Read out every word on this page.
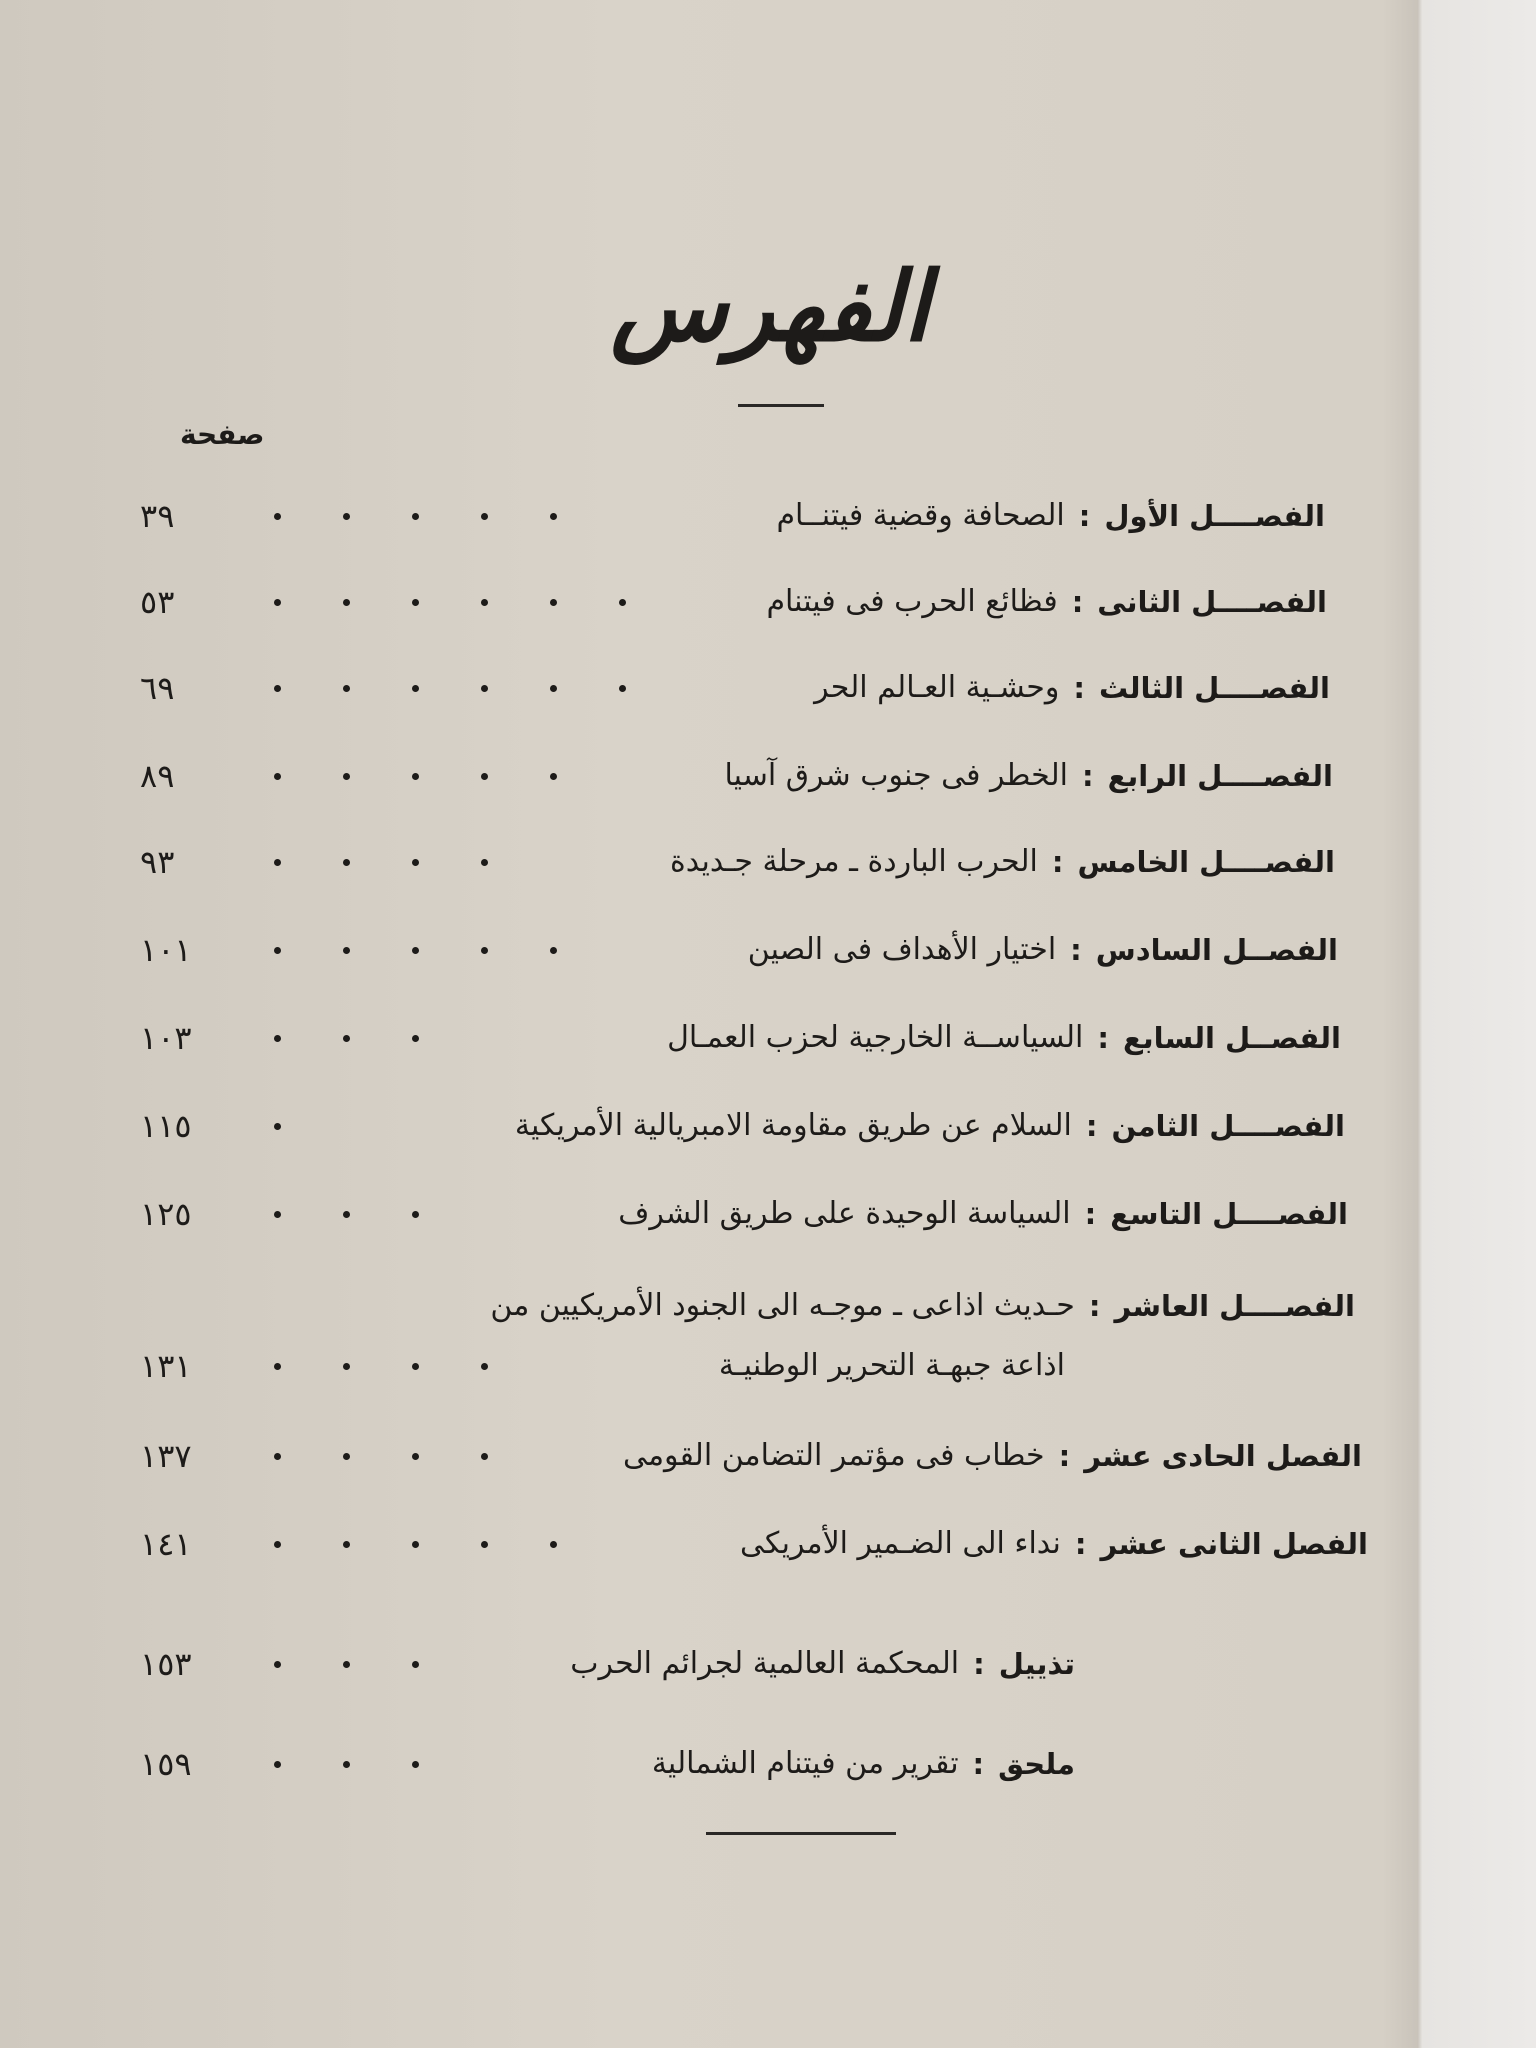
الفهرس
صفحة
الفصــــل الأول
:
الصحافة وقضية فيتنــام
٣٩
الفصــــل الثانى
:
فظائع الحرب فى فيتنام
٥٣
الفصــــل الثالث
:
وحشـية العـالم الحر
٦٩
الفصــــل الرابع
:
الخطر فى جنوب شرق آسيا
٨٩
الفصــــل الخامس
:
الحرب الباردة ـ مرحلة جـديدة
٩٣
الفصــل السادس
:
اختيار الأهداف فى الصين
١٠١
الفصــل السابع
:
السياســة الخارجية لحزب العمـال
١٠٣
الفصــــل الثامن
:
السلام عن طريق مقاومة الامبريالية الأمريكية
١١٥
الفصــــل التاسع
:
السياسة الوحيدة على طريق الشرف
١٢٥
الفصــــل العاشر
:
حـديث اذاعى ـ موجـه الى الجنود الأمريكيين من
اذاعة جبهـة التحرير الوطنيـة
١٣١
الفصل الحادى عشر
:
خطاب فى مؤتمر التضامن القومى
١٣٧
الفصل الثانى عشر
:
نداء الى الضـمير الأمريكى
١٤١
تذييل
:
المحكمة العالمية لجرائم الحرب
١٥٣
ملحق
:
تقرير من فيتنام الشمالية
١٥٩
